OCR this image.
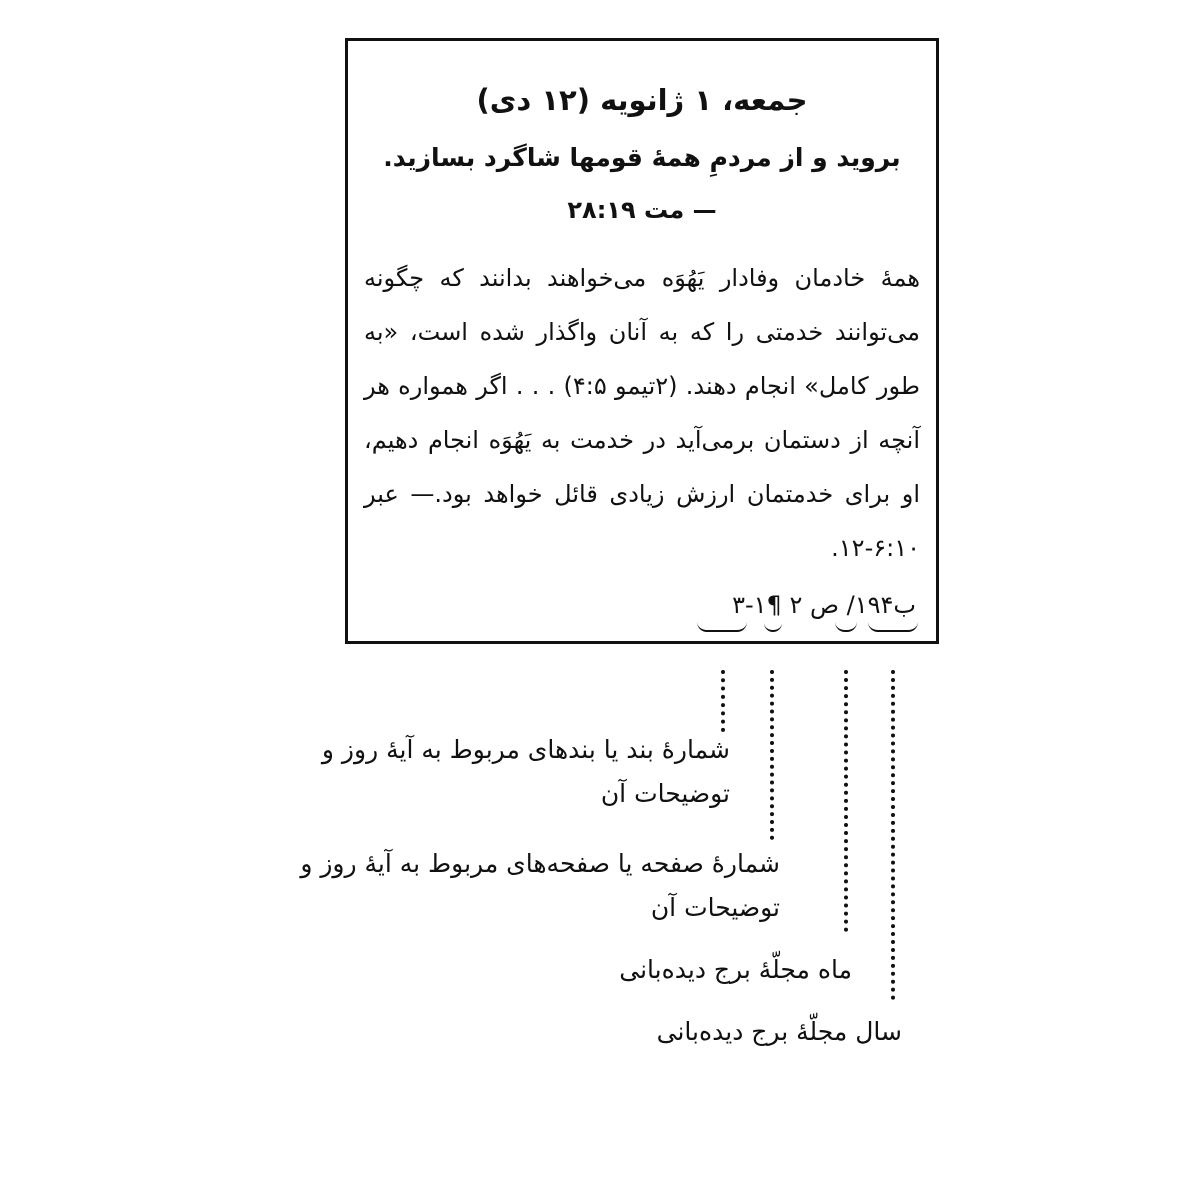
جمعه، ۱ ژانویه (۱۲ دی)
بروید و از مردمِ همهٔ قومها شاگرد بسازید.
— مت ۲۸:۱۹
همهٔ خادمان وفادار یَهُوَه می‌خواهند بدانند که چگونه می‌توانند خدمتی را که به آنان واگذار شده است، «به طور کامل» انجام دهند. (۲تیمو ۴:۵) . . . اگر همواره هر آنچه از دستمان برمی‌آید در خدمت به یَهُوَه انجام دهیم، او برای خدمتمان ارزش زیادی قائل خواهد بود.— عبر ۶:۱۰-۱۲.
ب۱۹۴/ ص ۲ ¶۱-۳
شمارهٔ بند یا بندهای مربوط به آیهٔ روز و توضیحات آن
شمارهٔ صفحه یا صفحه‌های مربوط به آیهٔ روز و توضیحات آن
ماه مجلّهٔ برج دیده‌بانی
سال مجلّهٔ برج دیده‌بانی
